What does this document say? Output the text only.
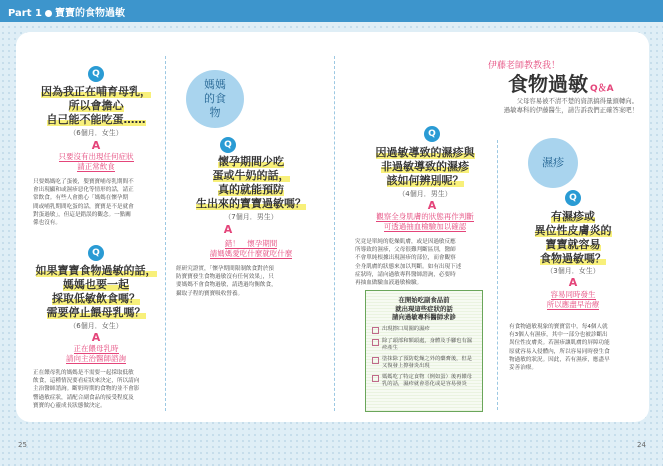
Part 1 寶寶的食物過敏
Q
因為我正在哺育母乳，
所以會擔心
自己能不能吃蛋……
（6個月．女生）
A
只要沒有出現任何症狀
請正常飲食
只要媽媽吃了蛋後，嬰寶寶哺母乳期間不
會出現顯和或濕疹惡化等情形的話，請正
常飲食。有些人會擔心「媽媽在懷孕期
間或哺乳期間吃蛋的話，寶寶是不是就會
對蛋過敏」，但這是錯誤的觀念。一點關
係也沒有。
Q
如果寶寶食物過敏的話，
媽媽也要一起
採取低敏飲食嗎？
需要停止餵母乳嗎？
（6個月．女生）
A
正在餵母乳時
請向主治醫師諮詢
正在餵母乳的媽媽是不需要一起採取低敏
飲食，這種情況要看症狀來決定，所以請向
主治醫師諮詢。斷奶時期的食物的並不會影
響過敏症狀，請配合副食品的接受程度及
寶寶的心靈成長狀態做決定。
媽媽的食物
Q
懷孕期間少吃
蛋或牛奶的話，
真的就能預防
生出來的寶寶過敏嗎？
（7個月．男生）
A
錯！　懷孕期間
請媽媽愛吃什麼就吃什麼
經研究證實，「懷孕期間限制飲食對於預
防寶寶發生食物過敏沒有任何效果」，只
要媽媽不會食物過敏，請透過均衡飲食，
攝取子程的寶寶吸收營養。
伊藤老師教教我！
食物過敏 Q＆A
父母容易被不清不楚的資訊搞得量頭轉向。
過敏專科的伊藤醫生，請告訴我們正確答案吧！
Q
因過敏導致的濕疹與
非過敏導致的濕疹
該如何辨別呢？
（4個月．男生）
A
觀察全身肌膚的狀態再作判斷
可透過抽血檢驗加以確認
究竟是單純的乾燥肌膚，或是因過敏反應
所導致的濕疹，父母很難判斷區別，醫師
不會單純根據出現濕疹的部位，而會觀察
全身肌膚的狀態來加以判斷。如有出現下述
症狀時，請向過敏專科醫師諮詢，必要時
再抽血做驗血液過敏檢驗。
在開始吃副食品前
就出現這些症狀的話
請向過敏專科醫師求診
出現擦口周圍的濕疹
除了頭部和額頭處，身體及手腳也有濕疹產生
塗抹除了預防乾燥之外的藥膏後，但是又復發上擦發炎出現
媽媽吃了特定食物（例如蛋）後再餵母乳的話，濕疹就會惡化或是容易發炎
濕疹
Q
有濕疹或
異位性皮膚炎的
寶寶就容易
食物過敏嗎？
（3個月．女生）
A
容易同時發生
所以應盡早治療
有食物過敏現象的寶寶當中，每4個人就
有3個人有濕疹，其中一部分也被診斷出
異位性皮膚炎。若濕疹讓肌膚的屏障功能
原就容易入侵體內，所以容易同時發生食
物過敏的狀況。因此，若有濕疹，應盡早
妥善治療。
25	24
